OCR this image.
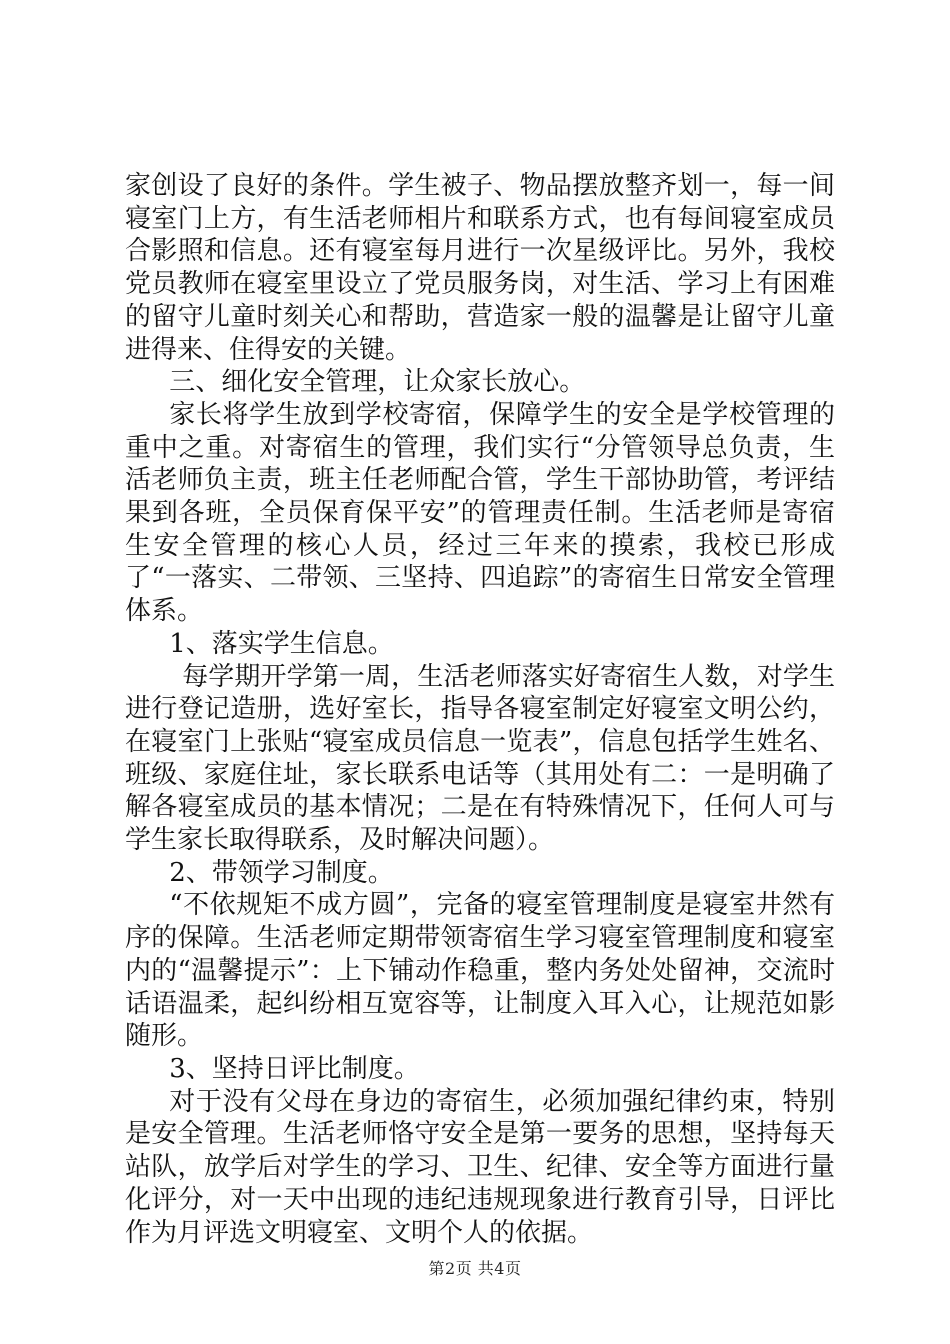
家创设了良好的条件。学生被子、物品摆放整齐划一，每一间寝室门上方，有生活老师相片和联系方式，也有每间寝室成员合影照和信息。还有寝室每月进行一次星级评比。另外，我校党员教师在寝室里设立了党员服务岗，对生活、学习上有困难的留守儿童时刻关心和帮助，营造家一般的温馨是让留守儿童进得来、住得安的关键。

三、细化安全管理，让众家长放心。

家长将学生放到学校寄宿，保障学生的安全是学校管理的重中之重。对寄宿生的管理，我们实行“分管领导总负责，生活老师负主责，班主任老师配合管，学生干部协助管，考评结果到各班，全员保育保平安”的管理责任制。生活老师是寄宿生安全管理的核心人员，经过三年来的摸索，我校已形成了“一落实、二带领、三坚持、四追踪”的寄宿生日常安全管理体系。

1、落实学生信息。

每学期开学第一周，生活老师落实好寄宿生人数，对学生进行登记造册，选好室长，指导各寝室制定好寝室文明公约，在寝室门上张贴“寝室成员信息一览表”，信息包括学生姓名、班级、家庭住址，家长联系电话等（其用处有二：一是明确了解各寝室成员的基本情况；二是在有特殊情况下，任何人可与学生家长取得联系，及时解决问题）。

2、带领学习制度。

“不依规矩不成方圆”，完备的寝室管理制度是寝室井然有序的保障。生活老师定期带领寄宿生学习寝室管理制度和寝室内的“温馨提示”：上下铺动作稳重，整内务处处留神，交流时话语温柔，起纠纷相互宽容等，让制度入耳入心，让规范如影随形。

3、坚持日评比制度。

对于没有父母在身边的寄宿生，必须加强纪律约束，特别是安全管理。生活老师恪守安全是第一要务的思想，坚持每天站队，放学后对学生的学习、卫生、纪律、安全等方面进行量化评分，对一天中出现的违纪违规现象进行教育引导，日评比作为月评选文明寝室、文明个人的依据。

第2页 共4页
